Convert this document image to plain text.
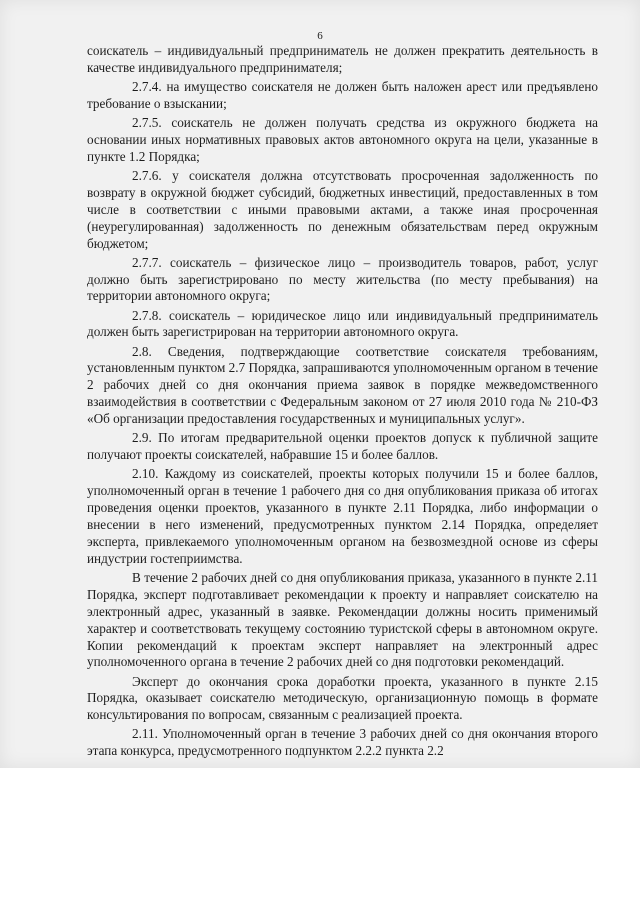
6

соискатель – индивидуальный предприниматель не должен прекратить деятельность в качестве индивидуального предпринимателя;

2.7.4. на имущество соискателя не должен быть наложен арест или предъявлено требование о взыскании;

2.7.5. соискатель не должен получать средства из окружного бюджета на основании иных нормативных правовых актов автономного округа на цели, указанные в пункте 1.2 Порядка;

2.7.6. у соискателя должна отсутствовать просроченная задолженность по возврату в окружной бюджет субсидий, бюджетных инвестиций, предоставленных в том числе в соответствии с иными правовыми актами, а также иная просроченная (неурегулированная) задолженность по денежным обязательствам перед окружным бюджетом;

2.7.7. соискатель – физическое лицо – производитель товаров, работ, услуг должно быть зарегистрировано по месту жительства (по месту пребывания) на территории автономного округа;

2.7.8. соискатель – юридическое лицо или индивидуальный предприниматель должен быть зарегистрирован на территории автономного округа.

2.8. Сведения, подтверждающие соответствие соискателя требованиям, установленным пунктом 2.7 Порядка, запрашиваются уполномоченным органом в течение 2 рабочих дней со дня окончания приема заявок в порядке межведомственного взаимодействия в соответствии с Федеральным законом от 27 июля 2010 года № 210-ФЗ «Об организации предоставления государственных и муниципальных услуг».

2.9. По итогам предварительной оценки проектов допуск к публичной защите получают проекты соискателей, набравшие 15 и более баллов.

2.10. Каждому из соискателей, проекты которых получили 15 и более баллов, уполномоченный орган в течение 1 рабочего дня со дня опубликования приказа об итогах проведения оценки проектов, указанного в пункте 2.11 Порядка, либо информации о внесении в него изменений, предусмотренных пунктом 2.14 Порядка, определяет эксперта, привлекаемого уполномоченным органом на безвозмездной основе из сферы индустрии гостеприимства.

В течение 2 рабочих дней со дня опубликования приказа, указанного в пункте 2.11 Порядка, эксперт подготавливает рекомендации к проекту и направляет соискателю на электронный адрес, указанный в заявке. Рекомендации должны носить применимый характер и соответствовать текущему состоянию туристской сферы в автономном округе. Копии рекомендаций к проектам эксперт направляет на электронный адрес уполномоченного органа в течение 2 рабочих дней со дня подготовки рекомендаций.

Эксперт до окончания срока доработки проекта, указанного в пункте 2.15 Порядка, оказывает соискателю методическую, организационную помощь в формате консультирования по вопросам, связанным с реализацией проекта.

2.11. Уполномоченный орган в течение 3 рабочих дней со дня окончания второго этапа конкурса, предусмотренного подпунктом 2.2.2 пункта 2.2
